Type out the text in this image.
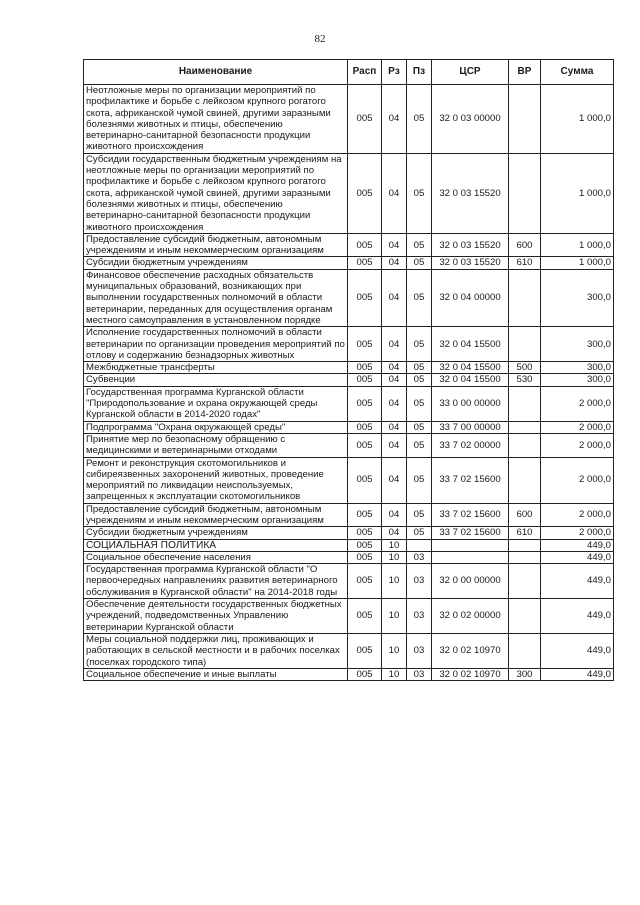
82
Наименование	Расп	Рз	Пз	ЦСР	ВР	Сумма
Неотложные меры по организации мероприятий по профилактике и борьбе с лейкозом крупного рогатого скота, африканской чумой свиней, другими заразными болезнями животных и птицы, обеспечению ветеринарно-санитарной безопасности продукции животного происхождения	005	04	05	32 0 03 00000		1 000,0
Субсидии государственным бюджетным учреждениям на неотложные меры по организации мероприятий по профилактике и борьбе с лейкозом крупного рогатого скота, африканской чумой свиней, другими заразными болезнями животных и птицы, обеспечению ветеринарно-санитарной безопасности продукции животного происхождения	005	04	05	32 0 03 15520		1 000,0
Предоставление субсидий бюджетным, автономным учреждениям и иным некоммерческим организациям	005	04	05	32 0 03 15520	600	1 000,0
Субсидии бюджетным учреждениям	005	04	05	32 0 03 15520	610	1 000,0
Финансовое обеспечение расходных обязательств муниципальных образований, возникающих при выполнении государственных полномочий в области ветеринарии, переданных для осуществления органам местного самоуправления в установленном порядке	005	04	05	32 0 04 00000		300,0
Исполнение государственных полномочий в области ветеринарии по организации проведения мероприятий по отлову и содержанию безнадзорных животных	005	04	05	32 0 04 15500		300,0
Межбюджетные трансферты	005	04	05	32 0 04 15500	500	300,0
Субвенции	005	04	05	32 0 04 15500	530	300,0
Государственная программа Курганской области "Природопользование и охрана окружающей среды Курганской области в 2014-2020 годах"	005	04	05	33 0 00 00000		2 000,0
Подпрограмма "Охрана окружающей среды"	005	04	05	33 7 00 00000		2 000,0
Принятие мер по безопасному обращению с медицинскими и ветеринарными отходами	005	04	05	33 7 02 00000		2 000,0
Ремонт и реконструкция скотомогильников и сибиреязвенных захоронений животных, проведение мероприятий по ликвидации неиспользуемых, запрещенных к эксплуатации скотомогильников	005	04	05	33 7 02 15600		2 000,0
Предоставление субсидий бюджетным, автономным учреждениям и иным некоммерческим организациям	005	04	05	33 7 02 15600	600	2 000,0
Субсидии бюджетным учреждениям	005	04	05	33 7 02 15600	610	2 000,0
СОЦИАЛЬНАЯ ПОЛИТИКА	005	10				449,0
Социальное обеспечение населения	005	10	03			449,0
Государственная программа Курганской области "О первоочередных направлениях развития ветеринарного обслуживания в Курганской области" на 2014-2018 годы	005	10	03	32 0 00 00000		449,0
Обеспечение деятельности государственных бюджетных учреждений, подведомственных Управлению ветеринарии Курганской области	005	10	03	32 0 02 00000		449,0
Меры социальной поддержки лиц, проживающих и работающих в сельской местности и в рабочих поселках (поселках городского типа)	005	10	03	32 0 02 10970		449,0
Социальное обеспечение и иные выплаты	005	10	03	32 0 02 10970	300	449,0
